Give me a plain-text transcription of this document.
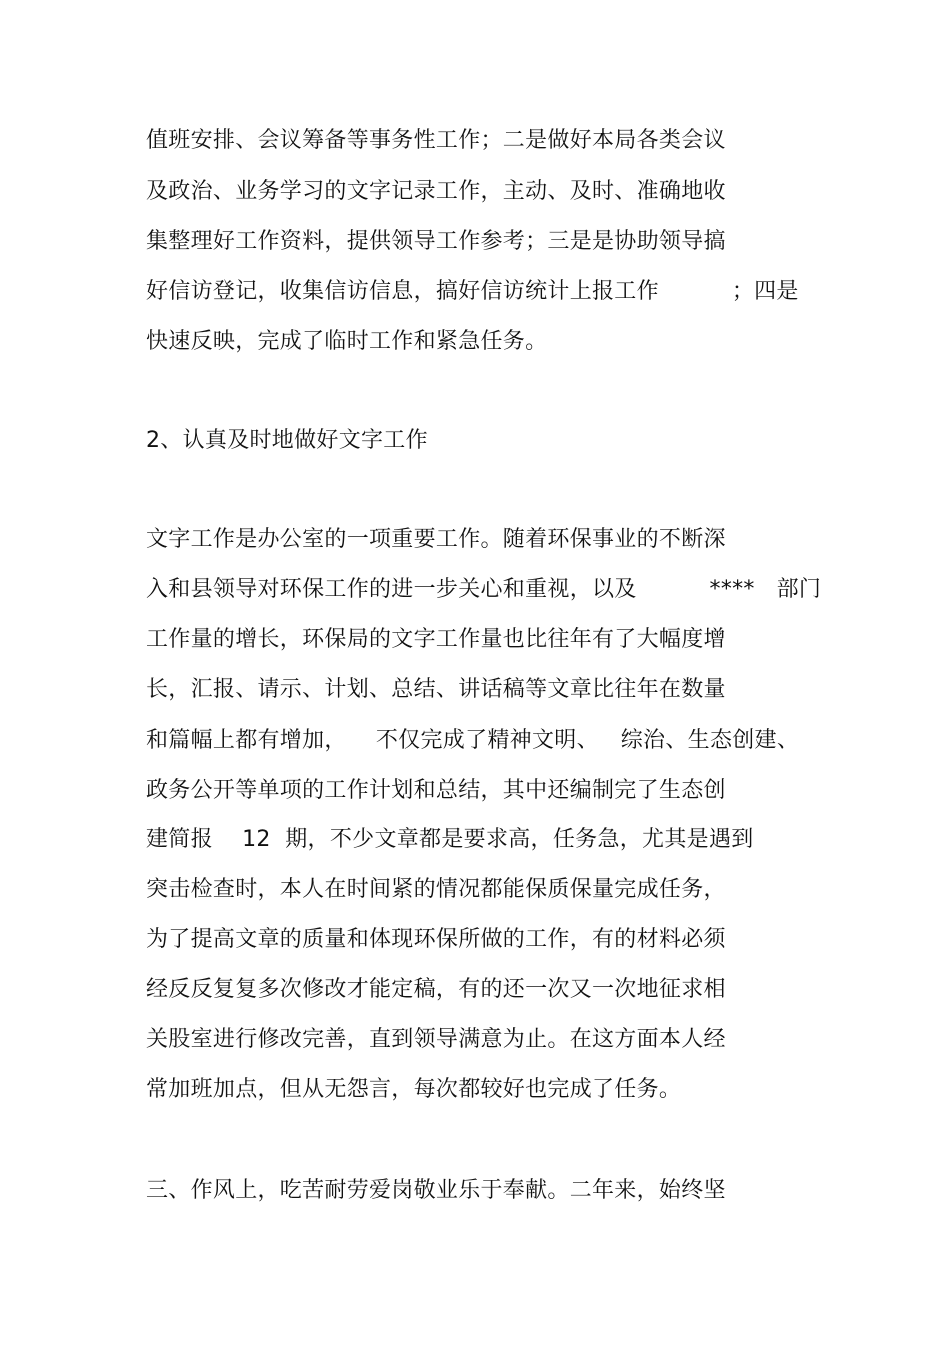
值班安排、会议筹备等事务性工作；二是做好本局各类会议
及政治、业务学习的文字记录工作，主动、及时、准确地收
集整理好工作资料，提供领导工作参考；三是是协助领导搞
好信访登记，收集信访信息，搞好信访统计上报工作          ；四是
快速反映，完成了临时工作和紧急任务。
2、认真及时地做好文字工作
文字工作是办公室的一项重要工作。随着环保事业的不断深
入和县领导对环保工作的进一步关心和重视，以及          ****   部门
工作量的增长，环保局的文字工作量也比往年有了大幅度增
长，汇报、请示、计划、总结、讲话稿等文章比往年在数量
和篇幅上都有增加，    不仅完成了精神文明、   综治、生态创建、
政务公开等单项的工作计划和总结，其中还编制完了生态创
建简报    12  期，不少文章都是要求高，任务急，尤其是遇到
突击检查时，本人在时间紧的情况都能保质保量完成任务，
为了提高文章的质量和体现环保所做的工作，有的材料必须
经反反复复多次修改才能定稿，有的还一次又一次地征求相
关股室进行修改完善，直到领导满意为止。在这方面本人经
常加班加点，但从无怨言，每次都较好也完成了任务。
三、作风上，吃苦耐劳爱岗敬业乐于奉献。二年来，始终坚
